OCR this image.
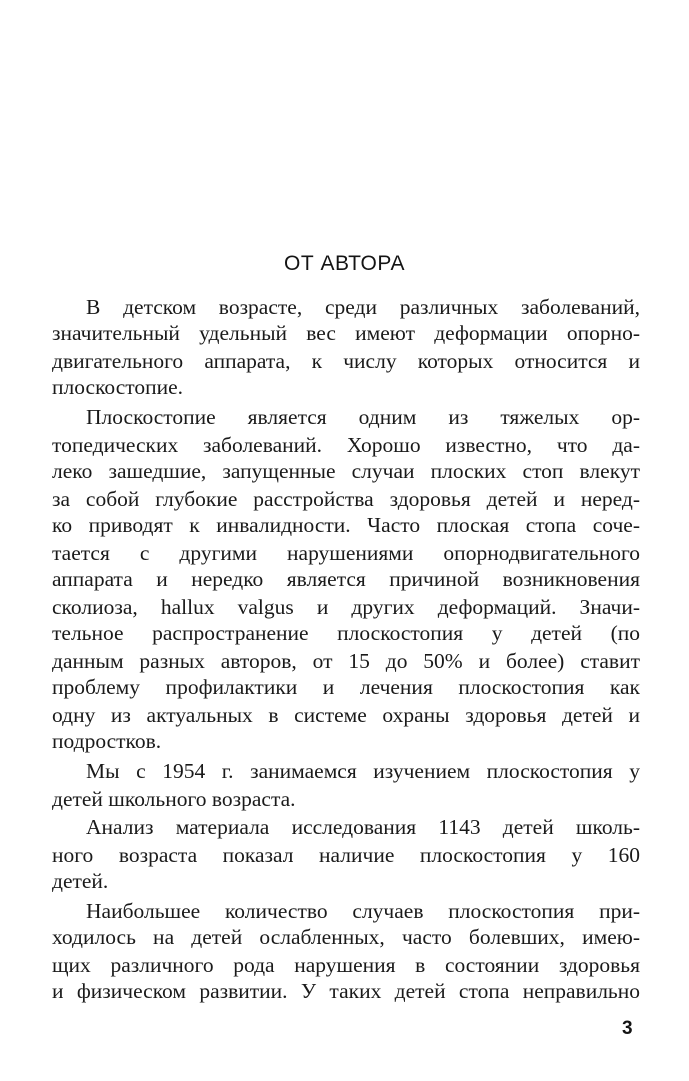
ОТ АВТОРА
В детском возрасте, среди различных заболеваний,
значительный удельный вес имеют деформации опорно-
двигательного аппарата, к числу которых относится и
плоскостопие.
Плоскостопие является одним из тяжелых ор-
топедических заболеваний. Хорошо известно, что да-
леко зашедшие, запущенные случаи плоских стоп влекут
за собой глубокие расстройства здоровья детей и неред-
ко приводят к инвалидности. Часто плоская стопа соче-
тается с другими нарушениями опорнодвигательного
аппарата и нередко является причиной возникновения
сколиоза, hallux valgus и других деформаций. Значи-
тельное распространение плоскостопия у детей (по
данным разных авторов, от 15 до 50% и более) ставит
проблему профилактики и лечения плоскостопия как
одну из актуальных в системе охраны здоровья детей и
подростков.
Мы с 1954 г. занимаемся изучением плоскостопия у
детей школьного возраста.
Анализ материала исследования 1143 детей школь-
ного возраста показал наличие плоскостопия у 160
детей.
Наибольшее количество случаев плоскостопия при-
ходилось на детей ослабленных, часто болевших, имею-
щих различного рода нарушения в состоянии здоровья
и физическом развитии. У таких детей стопа неправильно
3
